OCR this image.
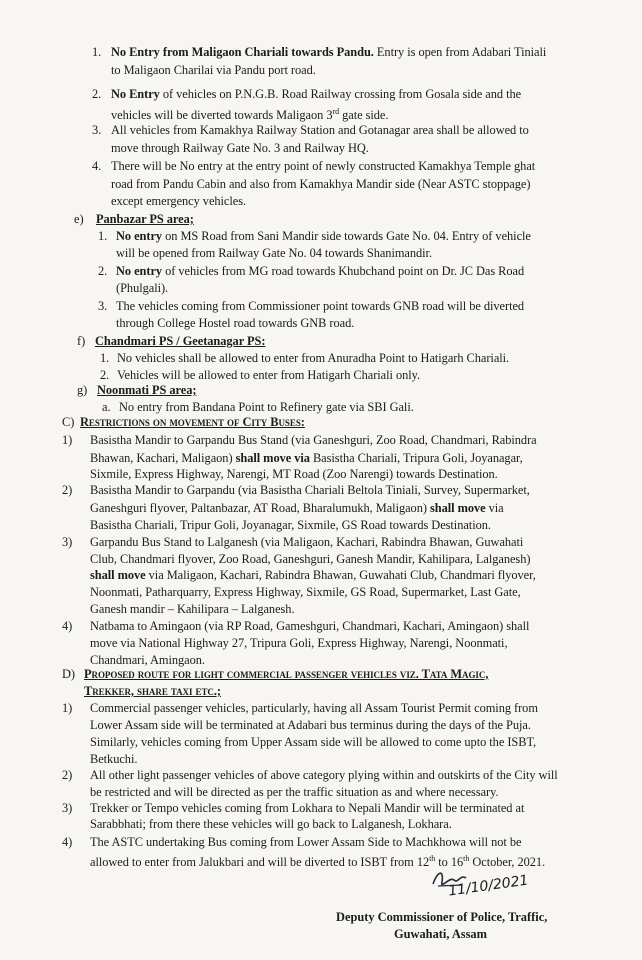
1. No Entry from Maligaon Chariali towards Pandu. Entry is open from Adabari Tiniali
to Maligaon Charilai via Pandu port road.
2. No Entry of vehicles on P.N.G.B. Road Railway crossing from Gosala side and the
vehicles will be diverted towards Maligaon 3rd gate side.
3. All vehicles from Kamakhya Railway Station and Gotanagar area shall be allowed to
move through Railway Gate No. 3 and Railway HQ.
4. There will be No entry at the entry point of newly constructed Kamakhya Temple ghat
road from Pandu Cabin and also from Kamakhya Mandir side (Near ASTC stoppage)
except emergency vehicles.
e) Panbazar PS area;
1. No entry on MS Road from Sani Mandir side towards Gate No. 04. Entry of vehicle
will be opened from Railway Gate No. 04 towards Shanimandir.
2. No entry of vehicles from MG road towards Khubchand point on Dr. JC Das Road
(Phulgali).
3. The vehicles coming from Commissioner point towards GNB road will be diverted
through College Hostel road towards GNB road.
f) Chandmari PS / Geetanagar PS:
1. No vehicles shall be allowed to enter from Anuradha Point to Hatigarh Chariali.
2. Vehicles will be allowed to enter from Hatigarh Chariali only.
g) Noonmati PS area;
a. No entry from Bandana Point to Refinery gate via SBI Gali.
C) Restrictions on movement of City Buses:
1) Basistha Mandir to Garpandu Bus Stand (via Ganeshguri, Zoo Road, Chandmari, Rabindra
Bhawan, Kachari, Maligaon) shall move via Basistha Chariali, Tripura Goli, Joyanagar,
Sixmile, Express Highway, Narengi, MT Road (Zoo Narengi) towards Destination.
2) Basistha Mandir to Garpandu (via Basistha Chariali Beltola Tiniali, Survey, Supermarket,
Ganeshguri flyover, Paltanbazar, AT Road, Bharalumukh, Maligaon) shall move via
Basistha Chariali, Tripur Goli, Joyanagar, Sixmile, GS Road towards Destination.
3) Garpandu Bus Stand to Lalganesh (via Maligaon, Kachari, Rabindra Bhawan, Guwahati
Club, Chandmari flyover, Zoo Road, Ganeshguri, Ganesh Mandir, Kahilipara, Lalganesh)
shall move via Maligaon, Kachari, Rabindra Bhawan, Guwahati Club, Chandmari flyover,
Noonmati, Patharquarry, Express Highway, Sixmile, GS Road, Supermarket, Last Gate,
Ganesh mandir – Kahilipara – Lalganesh.
4) Natbama to Amingaon (via RP Road, Gameshguri, Chandmari, Kachari, Amingaon) shall
move via National Highway 27, Tripura Goli, Express Highway, Narengi, Noonmati,
Chandmari, Amingaon.
D) Proposed route for light commercial passenger vehicles viz. Tata Magic,
Trekker, share taxi etc.;
1) Commercial passenger vehicles, particularly, having all Assam Tourist Permit coming from
Lower Assam side will be terminated at Adabari bus terminus during the days of the Puja.
Similarly, vehicles coming from Upper Assam side will be allowed to come upto the ISBT,
Betkuchi.
2) All other light passenger vehicles of above category plying within and outskirts of the City will
be restricted and will be directed as per the traffic situation as and where necessary.
3) Trekker or Tempo vehicles coming from Lokhara to Nepali Mandir will be terminated at
Sarabbhati; from there these vehicles will go back to Lalganesh, Lokhara.
4) The ASTC undertaking Bus coming from Lower Assam Side to Machkhowa will not be
allowed to enter from Jalukbari and will be diverted to ISBT from 12th to 16th October, 2021.
11/10/2021
Deputy Commissioner of Police, Traffic,
Guwahati, Assam
